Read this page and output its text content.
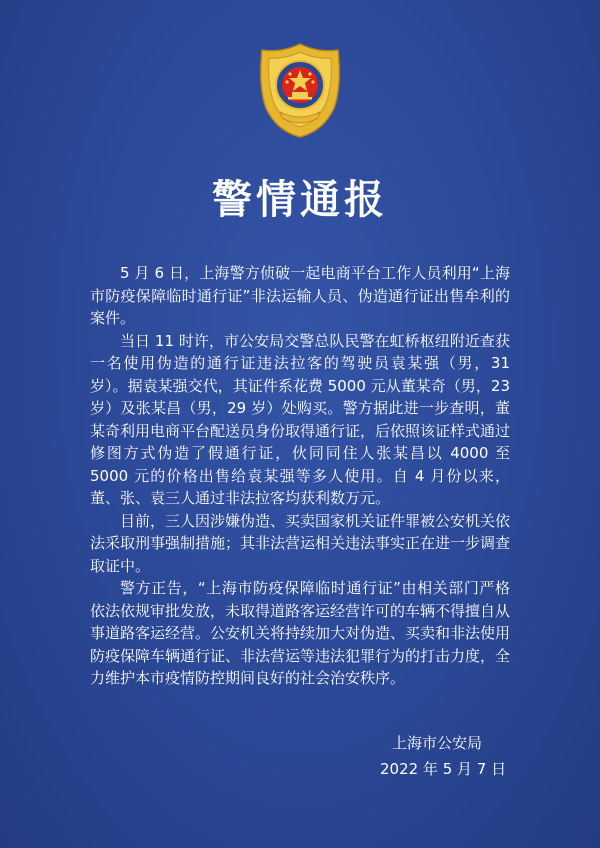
警情通报

5 月 6 日，上海警方侦破一起电商平台工作人员利用“上海市防疫保障临时通行证”非法运输人员、伪造通行证出售牟利的案件。

当日 11 时许，市公安局交警总队民警在虹桥枢纽附近查获一名使用伪造的通行证违法拉客的驾驶员袁某强（男，31 岁）。据袁某强交代，其证件系花费 5000 元从董某奇（男，23 岁）及张某昌（男，29 岁）处购买。警方据此进一步查明，董某奇利用电商平台配送员身份取得通行证，后依照该证样式通过修图方式伪造了假通行证，伙同同住人张某昌以 4000 至 5000 元的价格出售给袁某强等多人使用。自 4 月份以来，董、张、袁三人通过非法拉客均获利数万元。

目前，三人因涉嫌伪造、买卖国家机关证件罪被公安机关依法采取刑事强制措施；其非法营运相关违法事实正在进一步调查取证中。

警方正告，“上海市防疫保障临时通行证”由相关部门严格依法依规审批发放，未取得道路客运经营许可的车辆不得擅自从事道路客运经营。公安机关将持续加大对伪造、买卖和非法使用防疫保障车辆通行证、非法营运等违法犯罪行为的打击力度，全力维护本市疫情防控期间良好的社会治安秩序。

上海市公安局
2022 年 5 月 7 日
